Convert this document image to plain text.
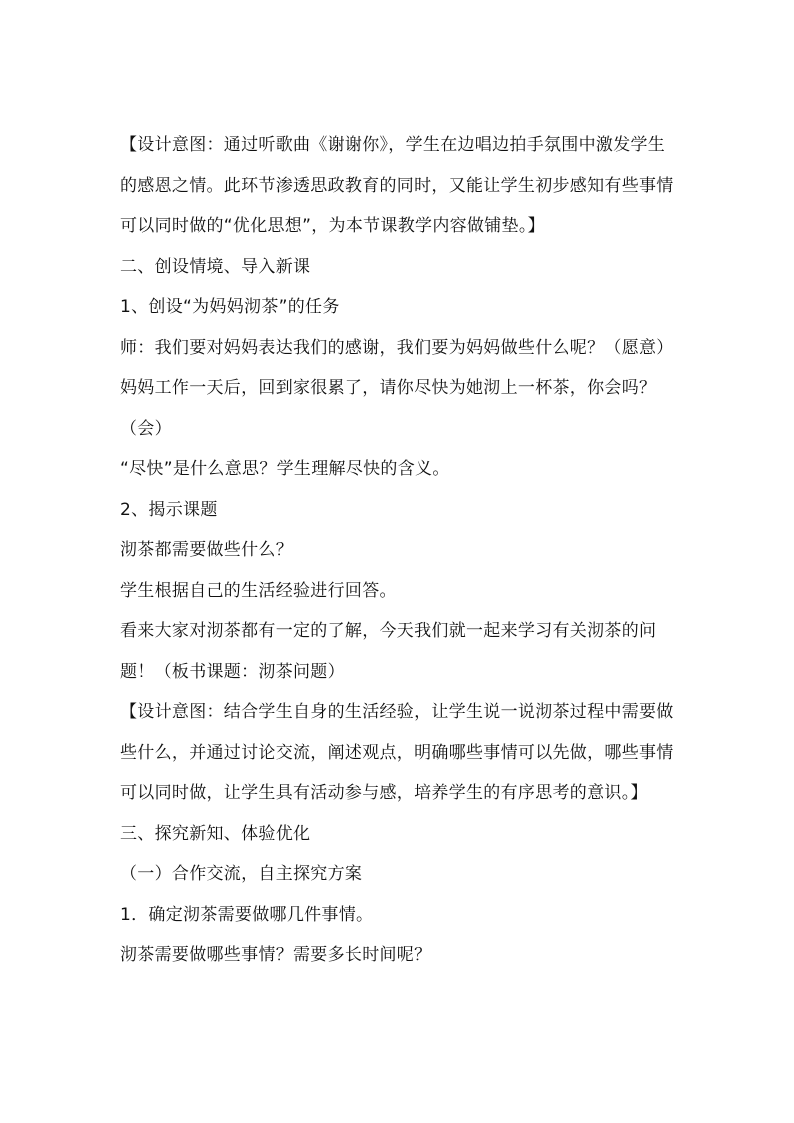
【设计意图：通过听歌曲《谢谢你》，学生在边唱边拍手氛围中激发学生的感恩之情。此环节渗透思政教育的同时，又能让学生初步感知有些事情可以同时做的“优化思想”，为本节课教学内容做铺垫。】

二、创设情境、导入新课

1、创设“为妈妈沏茶”的任务

师：我们要对妈妈表达我们的感谢，我们要为妈妈做些什么呢？（愿意）妈妈工作一天后，回到家很累了，请你尽快为她沏上一杯茶，你会吗？（会）

“尽快”是什么意思？学生理解尽快的含义。

2、揭示课题

沏茶都需要做些什么？

学生根据自己的生活经验进行回答。

看来大家对沏茶都有一定的了解，今天我们就一起来学习有关沏茶的问题！（板书课题：沏茶问题）

【设计意图：结合学生自身的生活经验，让学生说一说沏茶过程中需要做些什么，并通过讨论交流，阐述观点，明确哪些事情可以先做，哪些事情可以同时做，让学生具有活动参与感，培养学生的有序思考的意识。】

三、探究新知、体验优化

（一）合作交流，自主探究方案

1．确定沏茶需要做哪几件事情。

沏茶需要做哪些事情？需要多长时间呢？
